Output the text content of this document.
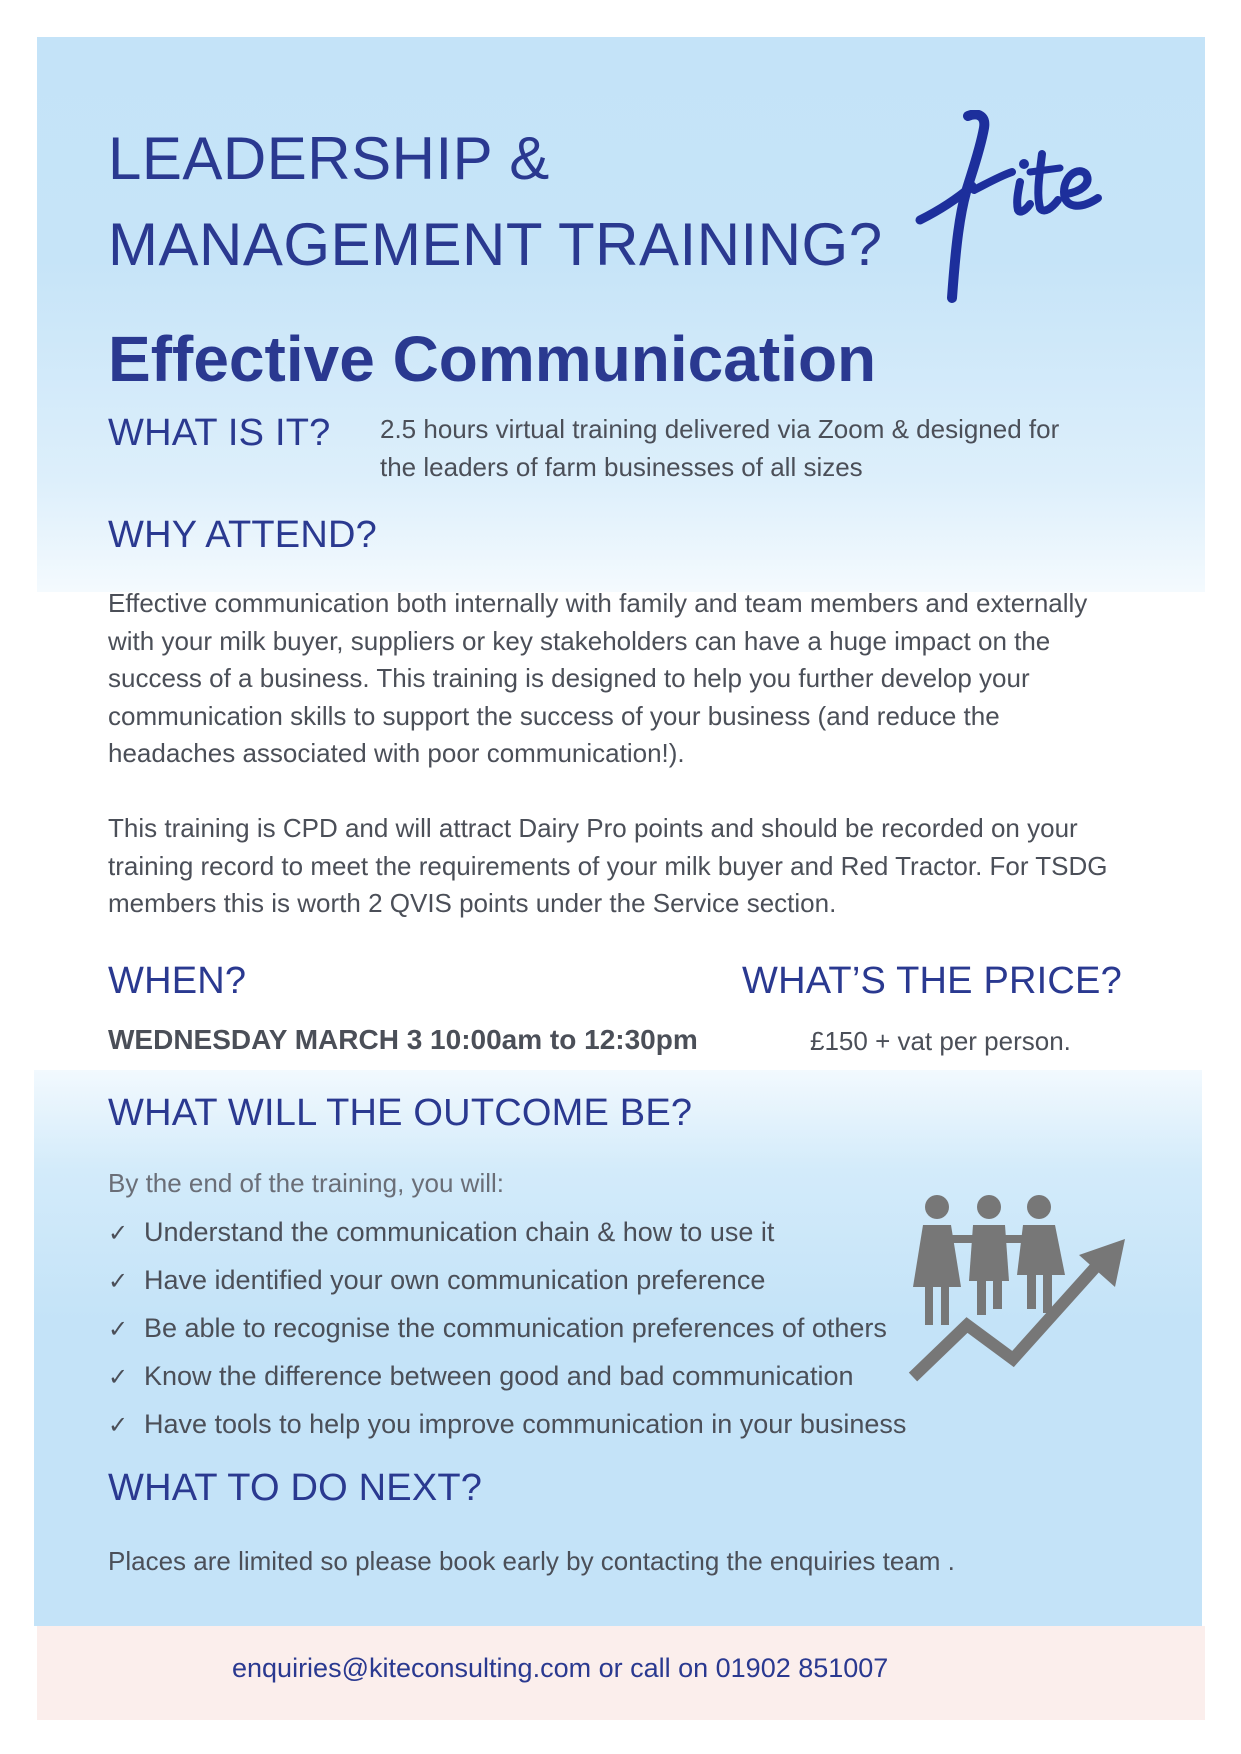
LEADERSHIP &
MANAGEMENT TRAINING?
Effective Communication
WHAT IS IT? 2.5 hours virtual training delivered via Zoom & designed for the leaders of farm businesses of all sizes
WHY ATTEND?
Effective communication both internally with family and team members and externally with your milk buyer, suppliers or key stakeholders can have a huge impact on the success of a business. This training is designed to help you further develop your communication skills to support the success of your business (and reduce the headaches associated with poor communication!).
This training is CPD and will attract Dairy Pro points and should be recorded on your training record to meet the requirements of your milk buyer and Red Tractor. For TSDG members this is worth 2 QVIS points under the Service section.
WHEN?
WEDNESDAY MARCH 3 10:00am to 12:30pm
WHAT’S THE PRICE?
£150 + vat per person.
WHAT WILL THE OUTCOME BE?
By the end of the training, you will:
✓ Understand the communication chain & how to use it
✓ Have identified your own communication preference
✓ Be able to recognise the communication preferences of others
✓ Know the difference between good and bad communication
✓ Have tools to help you improve communication in your business
WHAT TO DO NEXT?
Places are limited so please book early by contacting the enquiries team .
enquiries@kiteconsulting.com or call on 01902 851007
